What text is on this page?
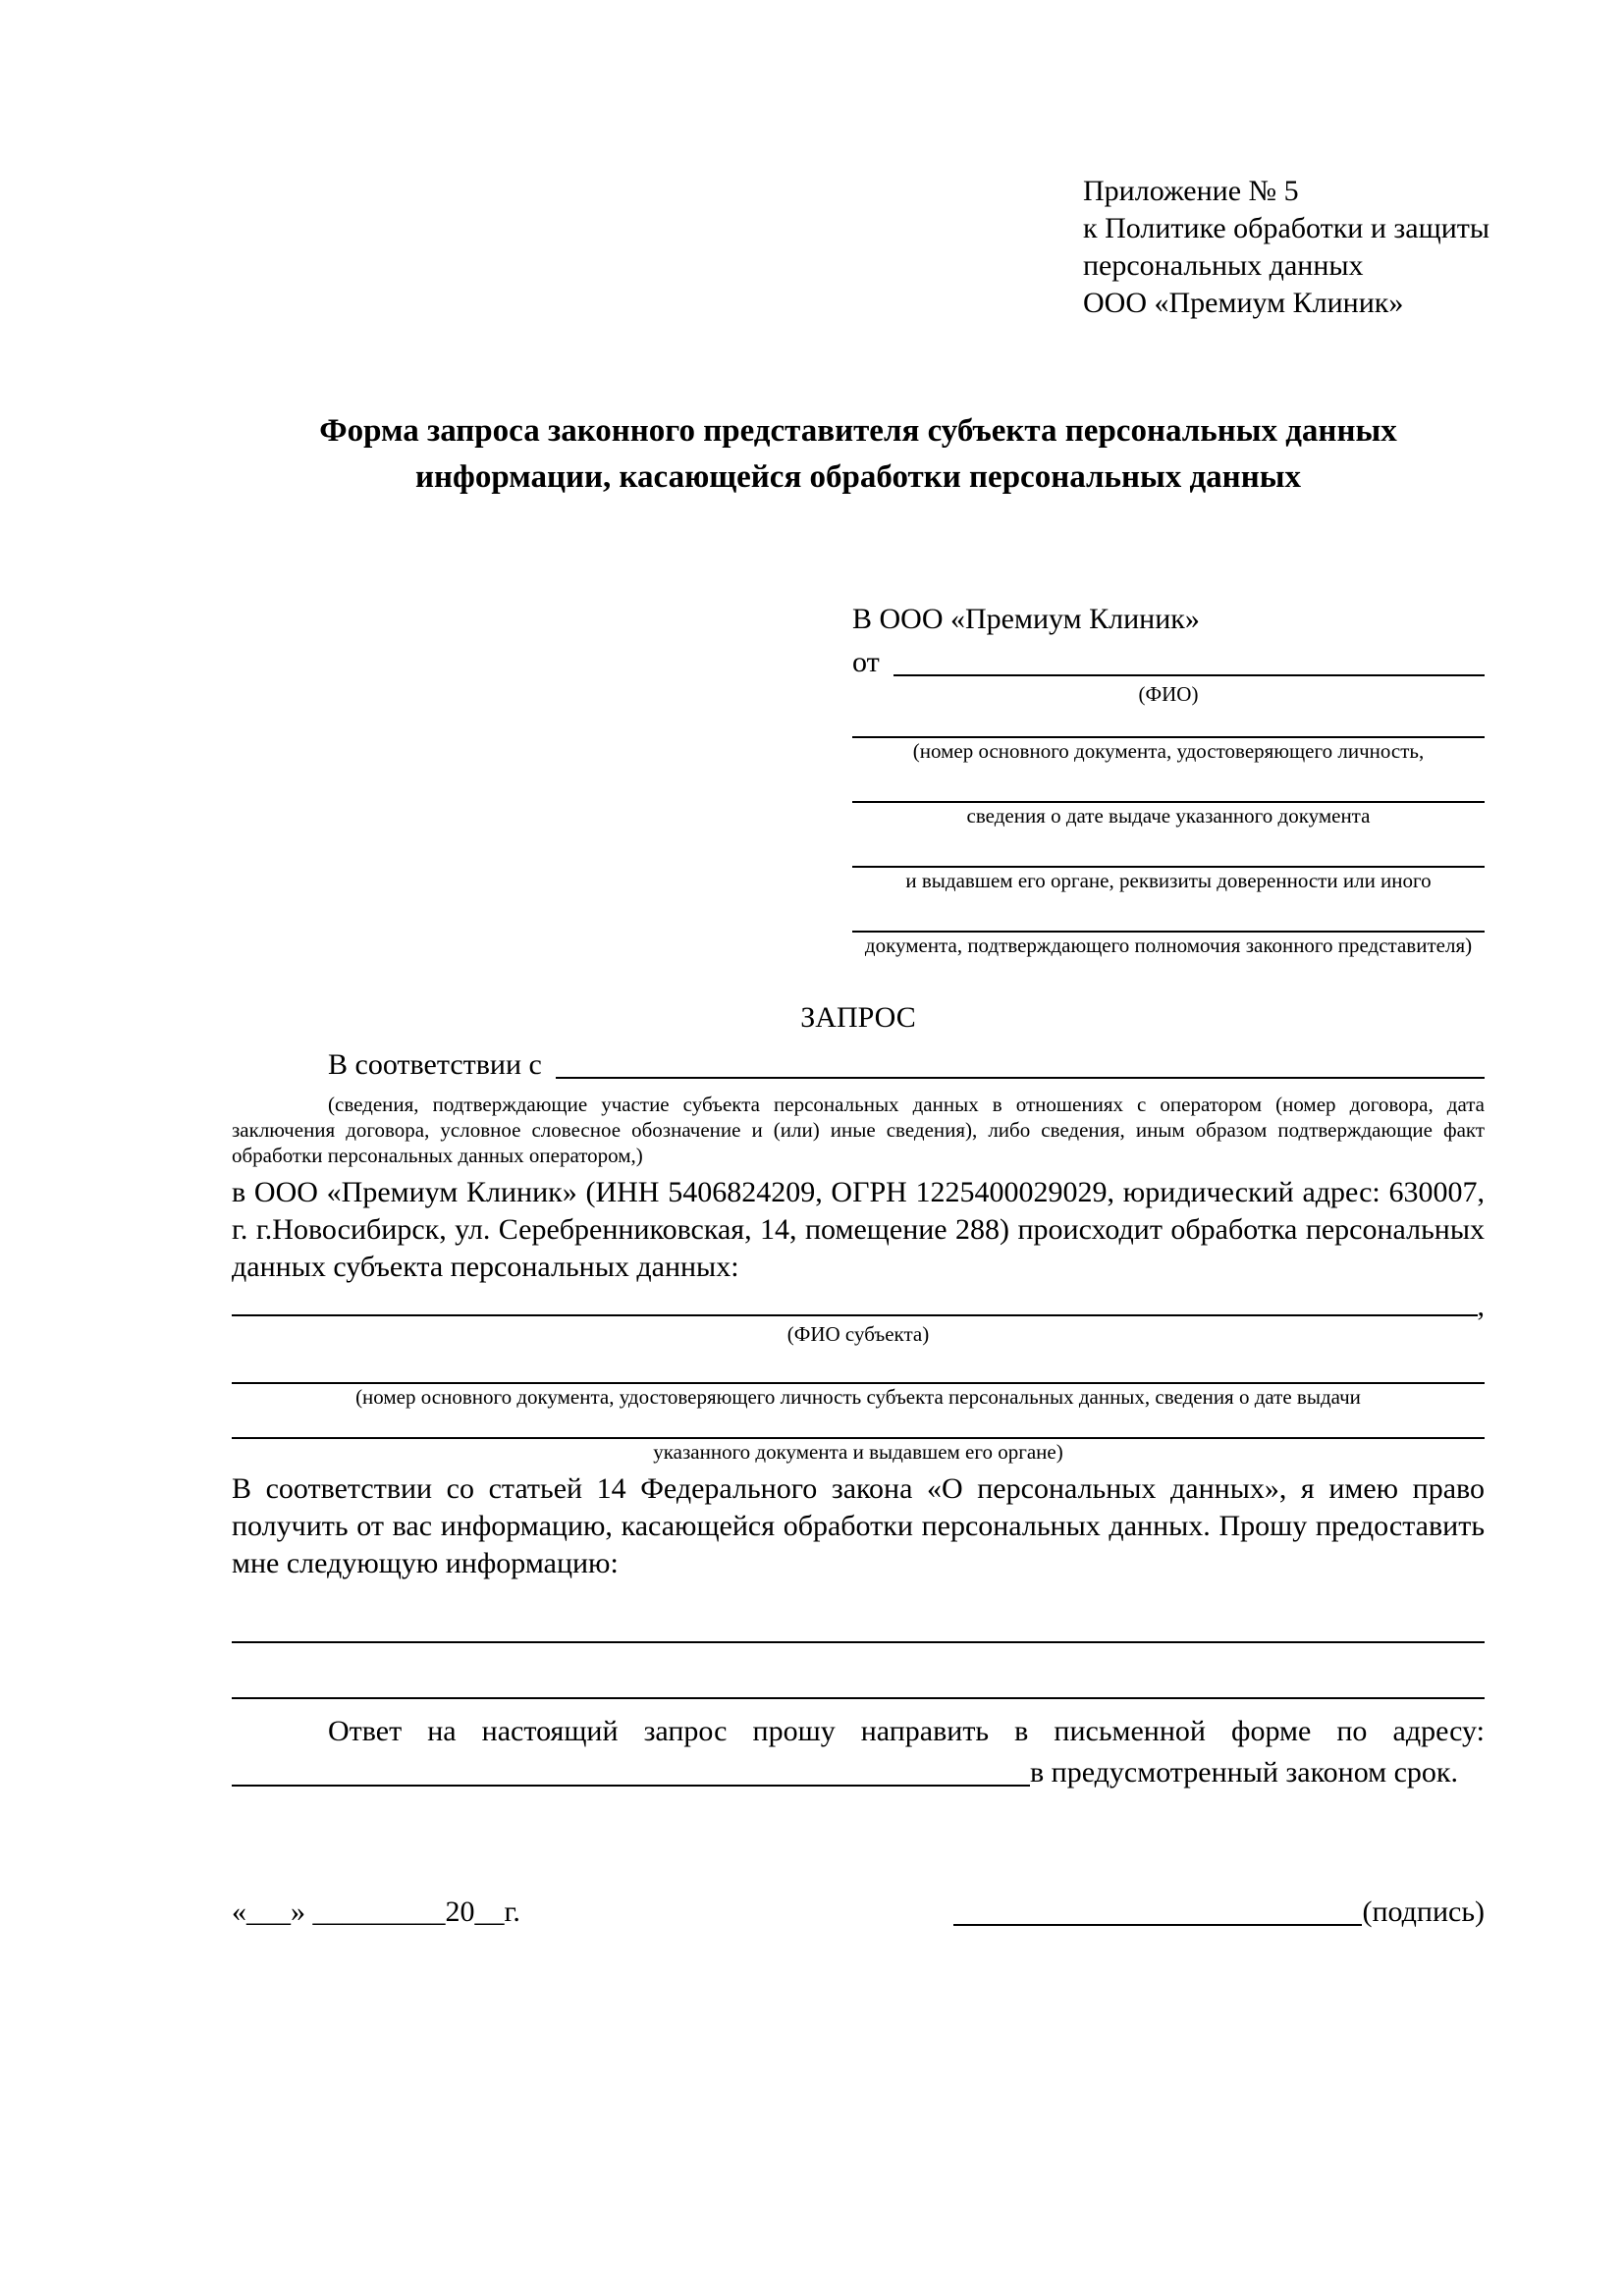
Приложение № 5
к Политике обработки и защиты
персональных данных
ООО «Премиум Клиник»
Форма запроса законного представителя субъекта персональных данных информации, касающейся обработки персональных данных
В ООО «Премиум Клиник»
от
(ФИО)
(номер основного документа, удостоверяющего личность,
сведения о дате выдаче указанного документа
и выдавшем его органе, реквизиты доверенности или иного
документа, подтверждающего полномочия законного представителя)
ЗАПРОС
В соответствии с

(сведения, подтверждающие участие субъекта персональных данных в отношениях с оператором (номер договора, дата заключения договора, условное словесное обозначение и (или) иные сведения), либо сведения, иным образом подтверждающие факт обработки персональных данных оператором,)

в ООО «Премиум Клиник» (ИНН 5406824209, ОГРН 1225400029029, юридический адрес: 630007, г. г.Новосибирск, ул. Серебренниковская, 14, помещение 288) происходит обработка персональных данных субъекта персональных данных:

,
(ФИО субъекта)
(номер основного документа, удостоверяющего личность субъекта персональных данных, сведения о дате выдачи
указанного документа и выдавшем его органе)

В соответствии со статьей 14 Федерального закона «О персональных данных», я имею право получить от вас информацию, касающейся обработки персональных данных. Прошу предоставить мне следующую информацию:

Ответ на настоящий запрос прошу направить в письменной форме по адресу:

в предусмотренный законом срок.
«___» _________20__г.	(подпись)
